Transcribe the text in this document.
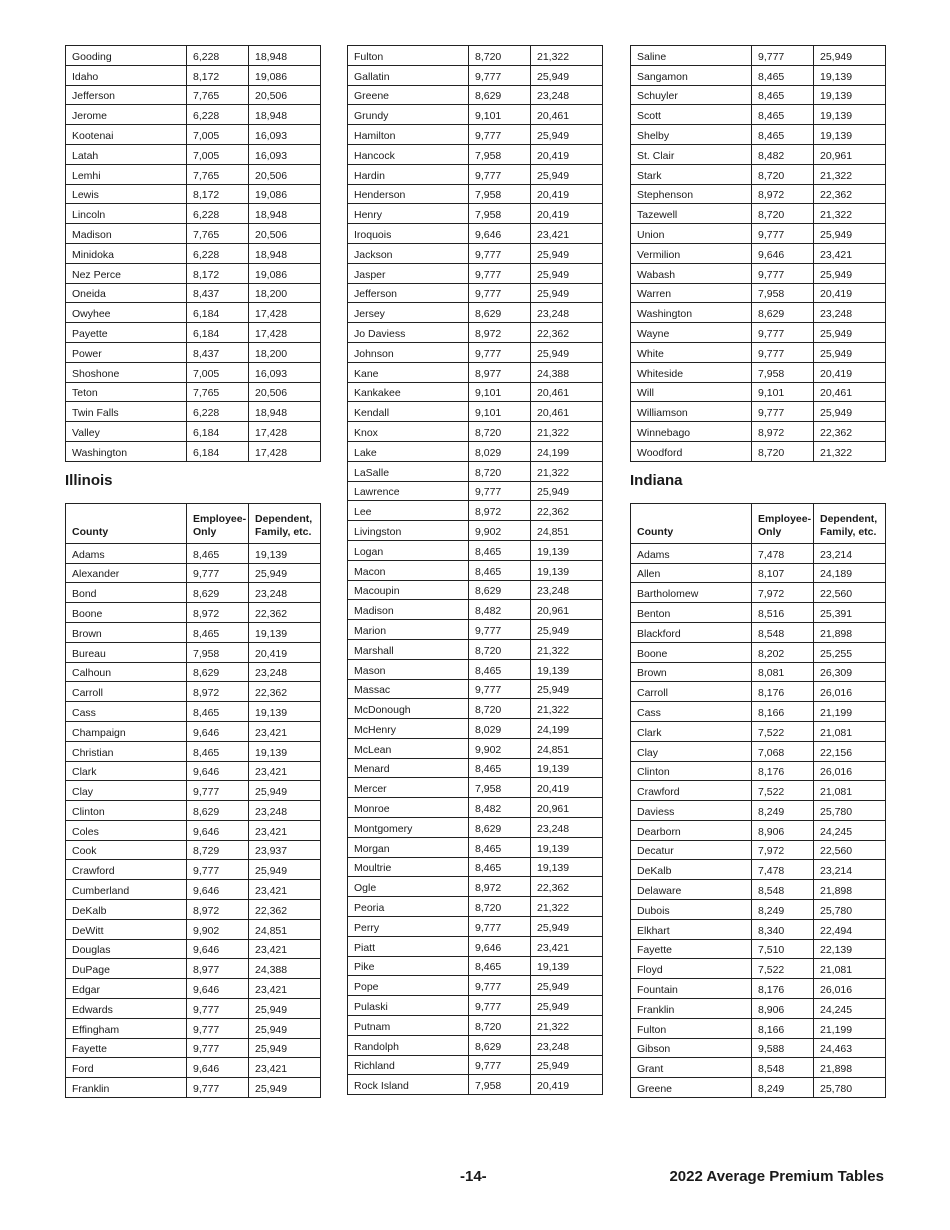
Gooding	6,228	18,948
Idaho	8,172	19,086
Jefferson	7,765	20,506
Jerome	6,228	18,948
Kootenai	7,005	16,093
Latah	7,005	16,093
Lemhi	7,765	20,506
Lewis	8,172	19,086
Lincoln	6,228	18,948
Madison	7,765	20,506
Minidoka	6,228	18,948
Nez Perce	8,172	19,086
Oneida	8,437	18,200
Owyhee	6,184	17,428
Payette	6,184	17,428
Power	8,437	18,200
Shoshone	7,005	16,093
Teton	7,765	20,506
Twin Falls	6,228	18,948
Valley	6,184	17,428
Washington	6,184	17,428
Illinois
County	Employee-Only	Dependent, Family, etc.
Adams	8,465	19,139
Alexander	9,777	25,949
Bond	8,629	23,248
Boone	8,972	22,362
Brown	8,465	19,139
Bureau	7,958	20,419
Calhoun	8,629	23,248
Carroll	8,972	22,362
Cass	8,465	19,139
Champaign	9,646	23,421
Christian	8,465	19,139
Clark	9,646	23,421
Clay	9,777	25,949
Clinton	8,629	23,248
Coles	9,646	23,421
Cook	8,729	23,937
Crawford	9,777	25,949
Cumberland	9,646	23,421
DeKalb	8,972	22,362
DeWitt	9,902	24,851
Douglas	9,646	23,421
DuPage	8,977	24,388
Edgar	9,646	23,421
Edwards	9,777	25,949
Effingham	9,777	25,949
Fayette	9,777	25,949
Ford	9,646	23,421
Franklin	9,777	25,949
Fulton	8,720	21,322
Gallatin	9,777	25,949
Greene	8,629	23,248
Grundy	9,101	20,461
Hamilton	9,777	25,949
Hancock	7,958	20,419
Hardin	9,777	25,949
Henderson	7,958	20,419
Henry	7,958	20,419
Iroquois	9,646	23,421
Jackson	9,777	25,949
Jasper	9,777	25,949
Jefferson	9,777	25,949
Jersey	8,629	23,248
Jo Daviess	8,972	22,362
Johnson	9,777	25,949
Kane	8,977	24,388
Kankakee	9,101	20,461
Kendall	9,101	20,461
Knox	8,720	21,322
Lake	8,029	24,199
LaSalle	8,720	21,322
Lawrence	9,777	25,949
Lee	8,972	22,362
Livingston	9,902	24,851
Logan	8,465	19,139
Macon	8,465	19,139
Macoupin	8,629	23,248
Madison	8,482	20,961
Marion	9,777	25,949
Marshall	8,720	21,322
Mason	8,465	19,139
Massac	9,777	25,949
McDonough	8,720	21,322
McHenry	8,029	24,199
McLean	9,902	24,851
Menard	8,465	19,139
Mercer	7,958	20,419
Monroe	8,482	20,961
Montgomery	8,629	23,248
Morgan	8,465	19,139
Moultrie	8,465	19,139
Ogle	8,972	22,362
Peoria	8,720	21,322
Perry	9,777	25,949
Piatt	9,646	23,421
Pike	8,465	19,139
Pope	9,777	25,949
Pulaski	9,777	25,949
Putnam	8,720	21,322
Randolph	8,629	23,248
Richland	9,777	25,949
Rock Island	7,958	20,419
Saline	9,777	25,949
Sangamon	8,465	19,139
Schuyler	8,465	19,139
Scott	8,465	19,139
Shelby	8,465	19,139
St. Clair	8,482	20,961
Stark	8,720	21,322
Stephenson	8,972	22,362
Tazewell	8,720	21,322
Union	9,777	25,949
Vermilion	9,646	23,421
Wabash	9,777	25,949
Warren	7,958	20,419
Washington	8,629	23,248
Wayne	9,777	25,949
White	9,777	25,949
Whiteside	7,958	20,419
Will	9,101	20,461
Williamson	9,777	25,949
Winnebago	8,972	22,362
Woodford	8,720	21,322
Indiana
County	Employee-Only	Dependent, Family, etc.
Adams	7,478	23,214
Allen	8,107	24,189
Bartholomew	7,972	22,560
Benton	8,516	25,391
Blackford	8,548	21,898
Boone	8,202	25,255
Brown	8,081	26,309
Carroll	8,176	26,016
Cass	8,166	21,199
Clark	7,522	21,081
Clay	7,068	22,156
Clinton	8,176	26,016
Crawford	7,522	21,081
Daviess	8,249	25,780
Dearborn	8,906	24,245
Decatur	7,972	22,560
DeKalb	7,478	23,214
Delaware	8,548	21,898
Dubois	8,249	25,780
Elkhart	8,340	22,494
Fayette	7,510	22,139
Floyd	7,522	21,081
Fountain	8,176	26,016
Franklin	8,906	24,245
Fulton	8,166	21,199
Gibson	9,588	24,463
Grant	8,548	21,898
Greene	8,249	25,780
-14-	2022 Average Premium Tables
